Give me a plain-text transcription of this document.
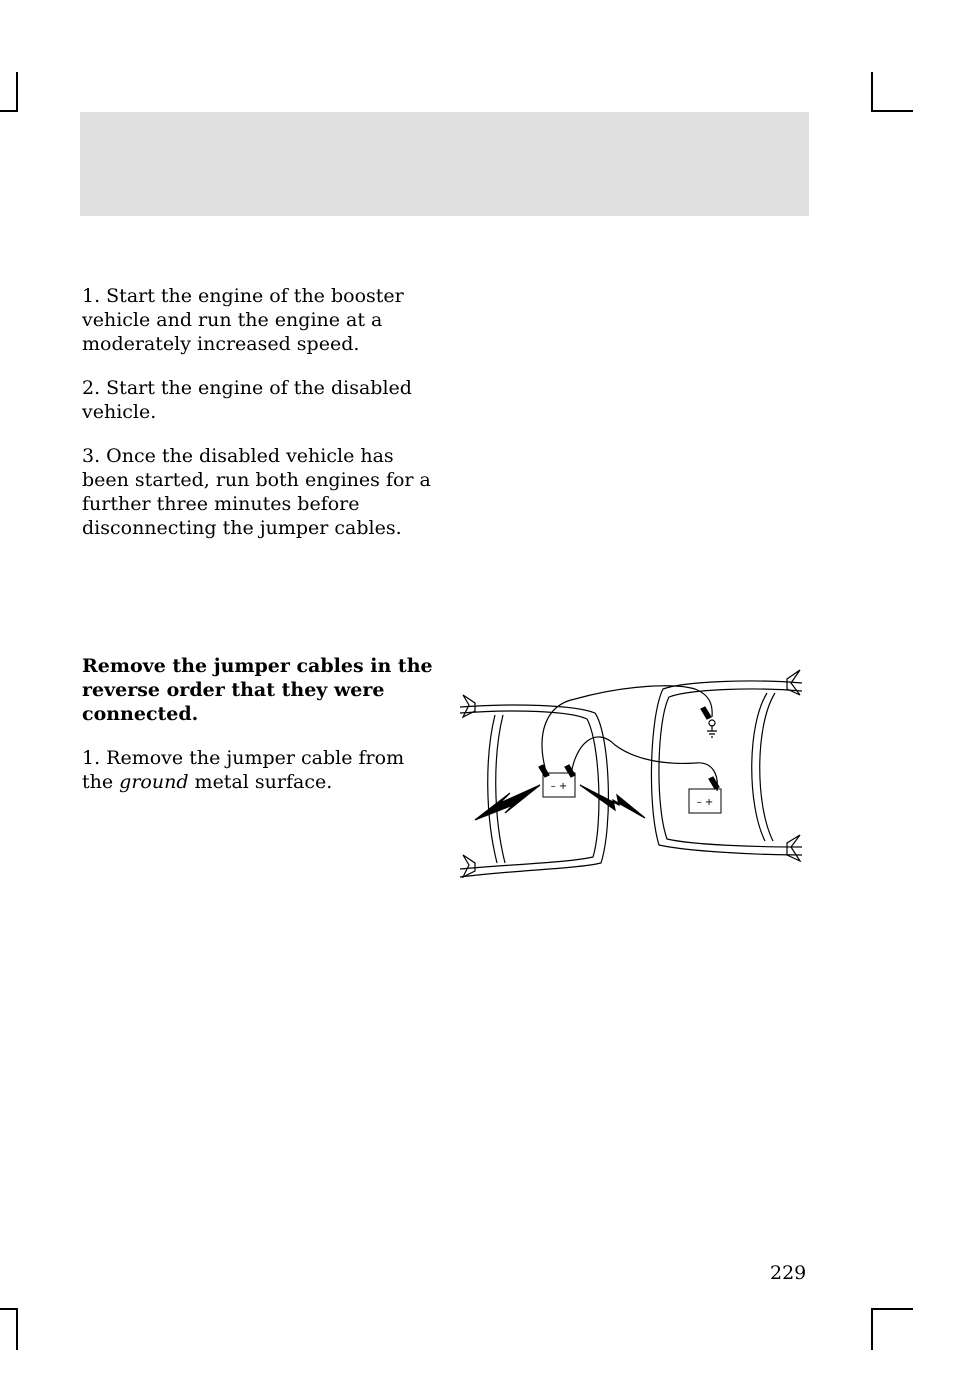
1. Start the engine of the booster vehicle and run the engine at a moderately increased speed.

2. Start the engine of the disabled vehicle.

3. Once the disabled vehicle has been started, run both engines for a further three minutes before disconnecting the jumper cables.

Remove the jumper cables in the reverse order that they were connected.

1. Remove the jumper cable from the ground metal surface.	– +
– +
229
